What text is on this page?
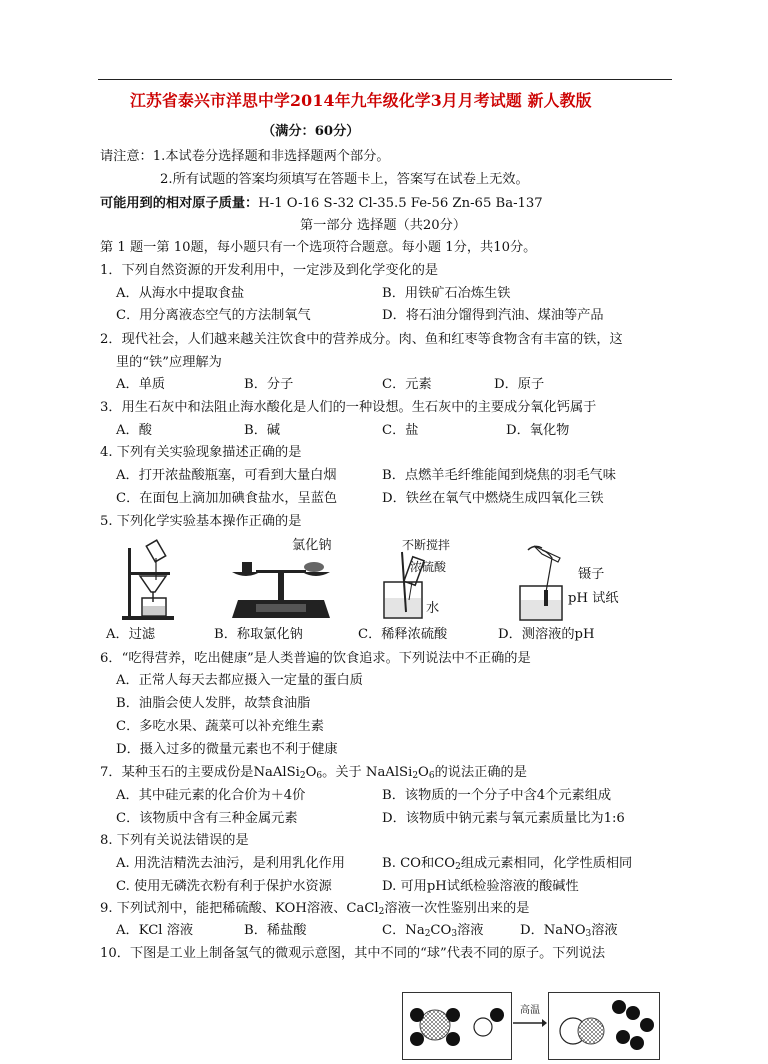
江苏省泰兴市洋思中学2014年九年级化学3月月考试题 新人教版
（满分：60分）
请注意：1.本试卷分选择题和非选择题两个部分。
2.所有试题的答案均须填写在答题卡上，答案写在试卷上无效。
可能用到的相对原子质量：H-1 O-16 S-32 Cl-35.5 Fe-56 Zn-65 Ba-137
第一部分 选择题（共20分）
第 1 题一第 10题，每小题只有一个选项符合题意。每小题 1分，共10分。
1．下列自然资源的开发利用中，一定涉及到化学变化的是
A．从海水中提取食盐	B．用铁矿石冶炼生铁
C．用分离液态空气的方法制氧气	D．将石油分馏得到汽油、煤油等产品
2．现代社会，人们越来越关注饮食中的营养成分。肉、鱼和红枣等食物含有丰富的铁，这
里的“铁”应理解为
A．单质	B．分子	C．元素	D．原子
3．用生石灰中和法阻止海水酸化是人们的一种设想。生石灰中的主要成分氧化钙属于
A．酸	B．碱	C．盐	D．氧化物
4. 下列有关实验现象描述正确的是
A．打开浓盐酸瓶塞，可看到大量白烟	B．点燃羊毛纤维能闻到烧焦的羽毛气味
C．在面包上滴加加碘食盐水，呈蓝色	D．铁丝在氧气中燃烧生成四氧化三铁
5. 下列化学实验基本操作正确的是
氯化钠	不断搅拌
浓硫酸
水
镊子
pH 试纸
A．过滤	B．称取氯化钠	C．稀释浓硫酸	D．测溶液的pH
6．“吃得营养，吃出健康”是人类普遍的饮食追求。下列说法中不正确的是
A．正常人每天去都应摄入一定量的蛋白质
B．油脂会使人发胖，故禁食油脂
C．多吃水果、蔬菜可以补充维生素
D．摄入过多的微量元素也不利于健康
7．某种玉石的主要成份是$NaAlSi_2O_6$。关于 $NaAlSi_2O_6$的说法正确的是
A．其中硅元素的化合价为＋4价	B．该物质的一个分子中含4个元素组成
C．该物质中含有三种金属元素	D．该物质中钠元素与氧元素质量比为1:6
8. 下列有关说法错误的是
A. 用洗洁精洗去油污，是利用乳化作用	B. CO和$CO_2$组成元素相同，化学性质相同
C. 使用无磷洗衣粉有利于保护水资源	D. 可用pH试纸检验溶液的酸碱性
9. 下列试剂中，能把稀硫酸、KOH溶液、CaCl$_2$溶液一次性鉴别出来的是
A．KCl 溶液	B．稀盐酸	C．$Na_2CO_3$溶液	D．NaNO$_3$溶液
10．下图是工业上制备氢气的微观示意图，其中不同的“球”代表不同的原子。下列说法
高温
